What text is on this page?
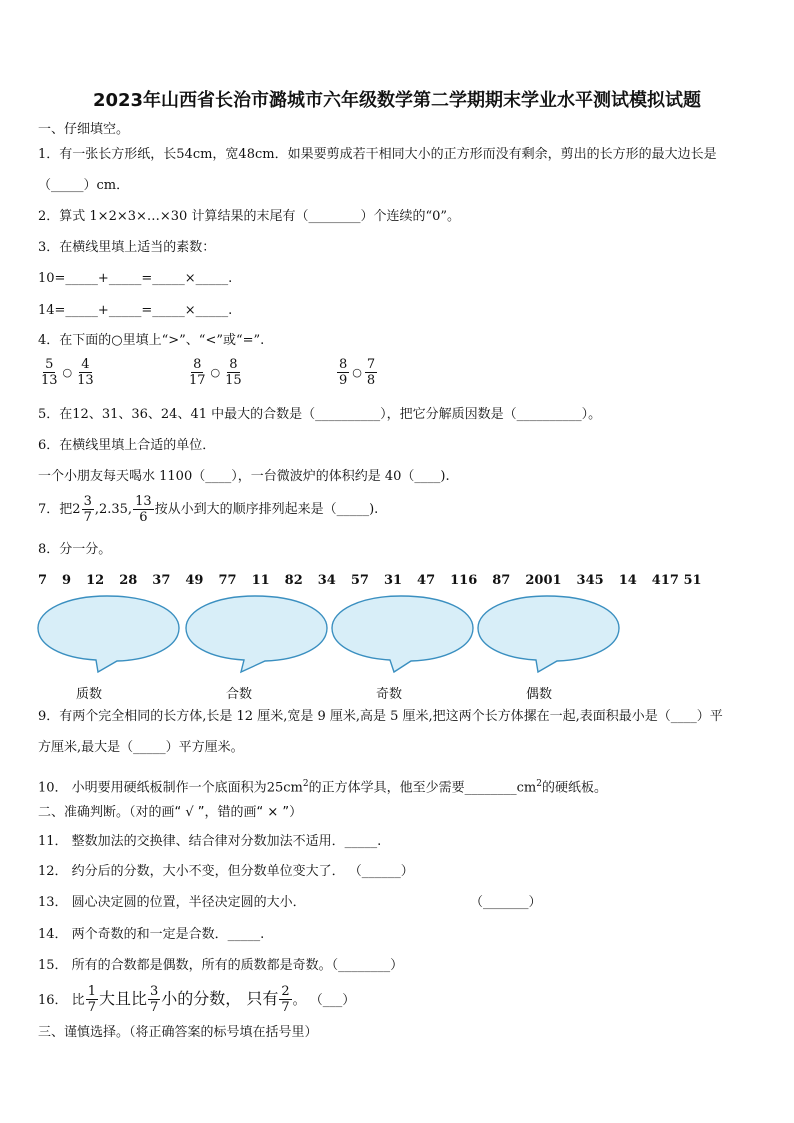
2023年山西省长治市潞城市六年级数学第二学期期末学业水平测试模拟试题
一、仔细填空。
1．有一张长方形纸，长54cm，宽48cm．如果要剪成若干相同大小的正方形而没有剩余，剪出的长方形的最大边长是
（_____）cm．
2．算式 1×2×3×…×30 计算结果的末尾有（________）个连续的“0”。
3．在横线里填上适当的素数：
10=_____+_____=_____×_____.
14=_____+_____=_____×_____.
4．在下面的○里填上“>”、“<”或“=”.
$\frac{5}{13}$ ○ $\frac{4}{13}$	$\frac{8}{17}$ ○ $\frac{8}{15}$	$\frac{8}{9}$ ○ $\frac{7}{8}$
5．在12、31、36、24、41 中最大的合数是（__________），把它分解质因数是（__________）。
6．在横线里填上合适的单位．
一个小朋友每天喝水 1100（____），一台微波炉的体积约是 40（____).
7．把 $2 \frac{3}{7} ,2.35$, $\frac{13}{6}$ 按从小到大的顺序排列起来是（_____).
8．分一分。
7 9 12 28 37 49 77 11 82 34 57 31 47 116 87 2001 345 14 417 51
质数	合数	奇数	偶数
9．有两个完全相同的长方体,长是 12 厘米,宽是 9 厘米,高是 5 厘米,把这两个长方体摞在一起,表面积最小是（____）平
方厘米,最大是（_____）平方厘米。
10． 小明要用硬纸板制作一个底面积为$25cm^2$的正方体学具，他至少需要$\_\_\_\_\_\_\_\_cm^2$的硬纸板。
二、准确判断。（对的画“ √ ”，错的画“ × ”）
11． 整数加法的交换律、结合律对分数加法不适用．_____.
12． 约分后的分数，大小不变，但分数单位变大了． （______）
13． 圆心决定圆的位置，半径决定圆的大小．	（_______）
14． 两个奇数的和一定是合数．_____.
15． 所有的合数都是偶数，所有的质数都是奇数。（________）
16． 比 $\frac{1}{7}$ 大且比 $\frac{3}{7}$ 小的分数， 只有 $\frac{2}{7}$ 。 （___）
三、谨慎选择。（将正确答案的标号填在括号里）
